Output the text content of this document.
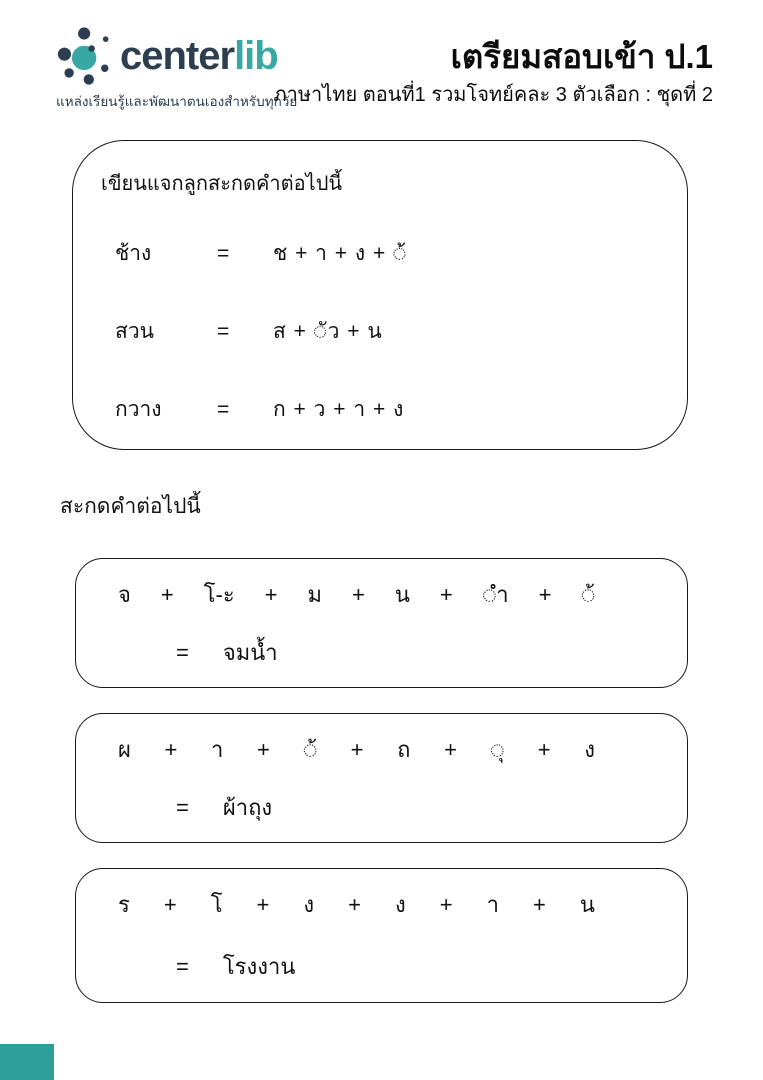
centerlib
แหล่งเรียนรู้และพัฒนาตนเองสำหรับทุกวัย
เตรียมสอบเข้า ป.1
ภาษาไทย ตอนที่1 รวมโจทย์คละ 3 ตัวเลือก : ชุดที่ 2
เขียนแจกลูกสะกดคำต่อไปนี้
ช้าง	= ช + า + ง + ◌้
สวน	= ส + ◌ัว + น
กวาง	= ก + ว + า + ง
สะกดคำต่อไปนี้
จ + โ-ะ + ม + น + ◌ำ + ◌้
= จมน้ำ
ผ + า + ◌้ + ถ + ◌ุ + ง
= ผ้าถุง
ร + โ + ง + ง + า + น
= โรงงาน
